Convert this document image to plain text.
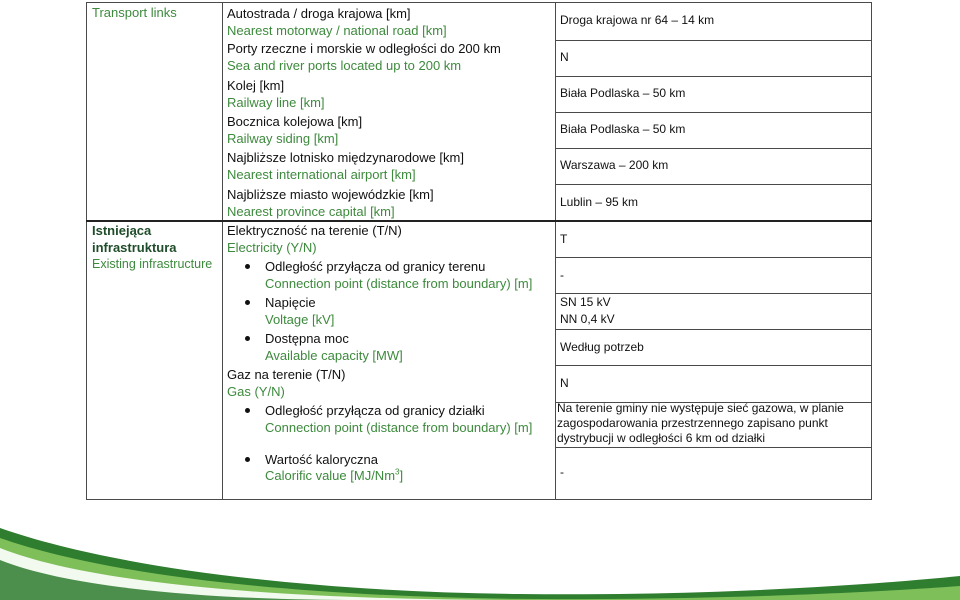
Transport links
Istniejąca
infrastruktura
Existing infrastructure
Autostrada / droga krajowa [km]
Nearest motorway / national road [km]
Droga krajowa nr 64 – 14 km
Porty rzeczne i morskie w odległości do 200 km
Sea and river ports located up to 200 km
N
Kolej [km]
Railway line [km]
Biała Podlaska – 50 km
Bocznica kolejowa [km]
Railway siding [km]
Biała Podlaska – 50 km
Najbliższe lotnisko międzynarodowe [km]
Nearest international airport [km]
Warszawa – 200 km
Najbliższe miasto wojewódzkie [km]
Nearest province capital [km]
Lublin – 95 km
Elektryczność na terenie (T/N)
Electricity (Y/N)
T
Odległość przyłącza od granicy terenu
Connection point (distance from boundary) [m]
-
Napięcie
Voltage [kV]
SN 15 kV
NN 0,4 kV
Dostępna moc
Available capacity [MW]
Według potrzeb
Gaz na terenie (T/N)
Gas (Y/N)
N
Odległość przyłącza od granicy działki
Connection point (distance from boundary) [m]
Na terenie gminy nie występuje sieć gazowa, w planie zagospodarowania przestrzennego zapisano punkt dystrybucji w odległości 6 km od działki
Wartość kaloryczna
Calorific value [MJ/Nm$^3$]	-
